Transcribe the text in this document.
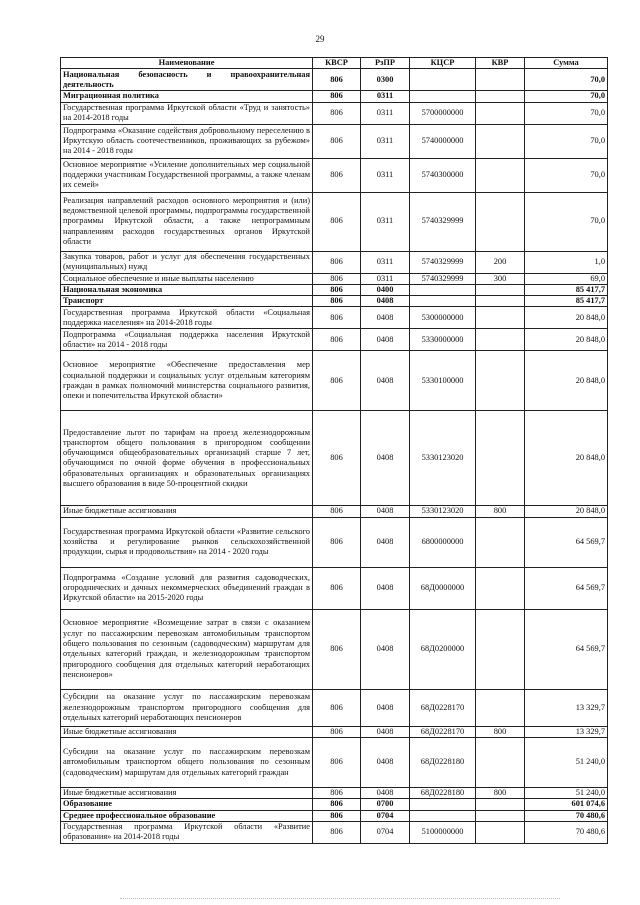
29
Наименование	КВСР	РзПР	КЦСР	КВР	Сумма
Национальная безопасность и правоохранительная деятельность	806	0300			70,0
Миграционная политика	806	0311			70,0
Государственная программа Иркутской области «Труд и занятость» на 2014-2018 годы	806	0311	5700000000		70,0
Подпрограмма «Оказание содействия добровольному переселению в Иркутскую область соотечественников, проживающих за рубежом» на 2014 - 2018 годы	806	0311	5740000000		70,0
Основное мероприятие «Усиление дополнительных мер социальной поддержки участникам Государственной программы, а также членам их семей»	806	0311	5740300000		70,0
Реализация направлений расходов основного мероприятия и (или) ведомственной целевой программы, подпрограммы государственной программы Иркутской области, а также непрограммным направлениям расходов государственных органов Иркутской области	806	0311	5740329999		70,0
Закупка товаров, работ и услуг для обеспечения государственных (муниципальных) нужд	806	0311	5740329999	200	1,0
Социальное обеспечение и иные выплаты населению	806	0311	5740329999	300	69,0
Национальная экономика	806	0400			85 417,7
Транспорт	806	0408			85 417,7
Государственная программа Иркутской области «Социальная поддержка населения» на 2014-2018 годы	806	0408	5300000000		20 848,0
Подпрограмма «Социальная поддержка населения Иркутской области» на 2014 - 2018 годы	806	0408	5330000000		20 848,0
Основное мероприятие «Обеспечение предоставления мер социальной поддержки и социальных услуг отдельным категориям граждан в рамках полномочий министерства социального развития, опеки и попечительства Иркутской области»	806	0408	5330100000		20 848,0
Предоставление льгот по тарифам на проезд железнодорожным транспортом общего пользования в пригородном сообщении обучающимся общеобразовательных организаций старше 7 лет, обучающимся по очной форме обучения в профессиональных образовательных организациях и образовательных организациях высшего образования в виде 50-процентной скидки	806	0408	5330123020		20 848,0
Иные бюджетные ассигнования	806	0408	5330123020	800	20 848,0
Государственная программа Иркутской области «Развитие сельского хозяйства и регулирование рынков сельскохозяйственной продукции, сырья и продовольствия» на 2014 - 2020 годы	806	0408	6800000000		64 569,7
Подпрограмма «Создание условий для развития садоводческих, огороднических и дачных некоммерческих объединений граждан в Иркутской области» на 2015-2020 годы	806	0408	68Д0000000		64 569,7
Основное мероприятие «Возмещение затрат в связи с оказанием услуг по пассажирским перевозкам автомобильным транспортом общего пользования по сезонным (садоводческим) маршрутам для отдельных категорий граждан, и железнодорожным транспортом пригородного сообщения для отдельных категорий неработающих пенсионеров»	806	0408	68Д0200000		64 569,7
Субсидии на оказание услуг по пассажирским перевозкам железнодорожным транспортом пригородного сообщения для отдельных категорий неработающих пенсионеров	806	0408	68Д0228170		13 329,7
Иные бюджетные ассигнования	806	0408	68Д0228170	800	13 329,7
Субсидии на оказание услуг по пассажирским перевозкам автомобильным транспортом общего пользования по сезонным (садоводческим) маршрутам для отдельных категорий граждан	806	0408	68Д0228180		51 240,0
Иные бюджетные ассигнования	806	0408	68Д0228180	800	51 240,0
Образование	806	0700			601 074,6
Среднее профессиональное образование	806	0704			70 480,6
Государственная программа Иркутской области «Развитие образования» на 2014-2018 годы	806	0704	5100000000		70 480,6
